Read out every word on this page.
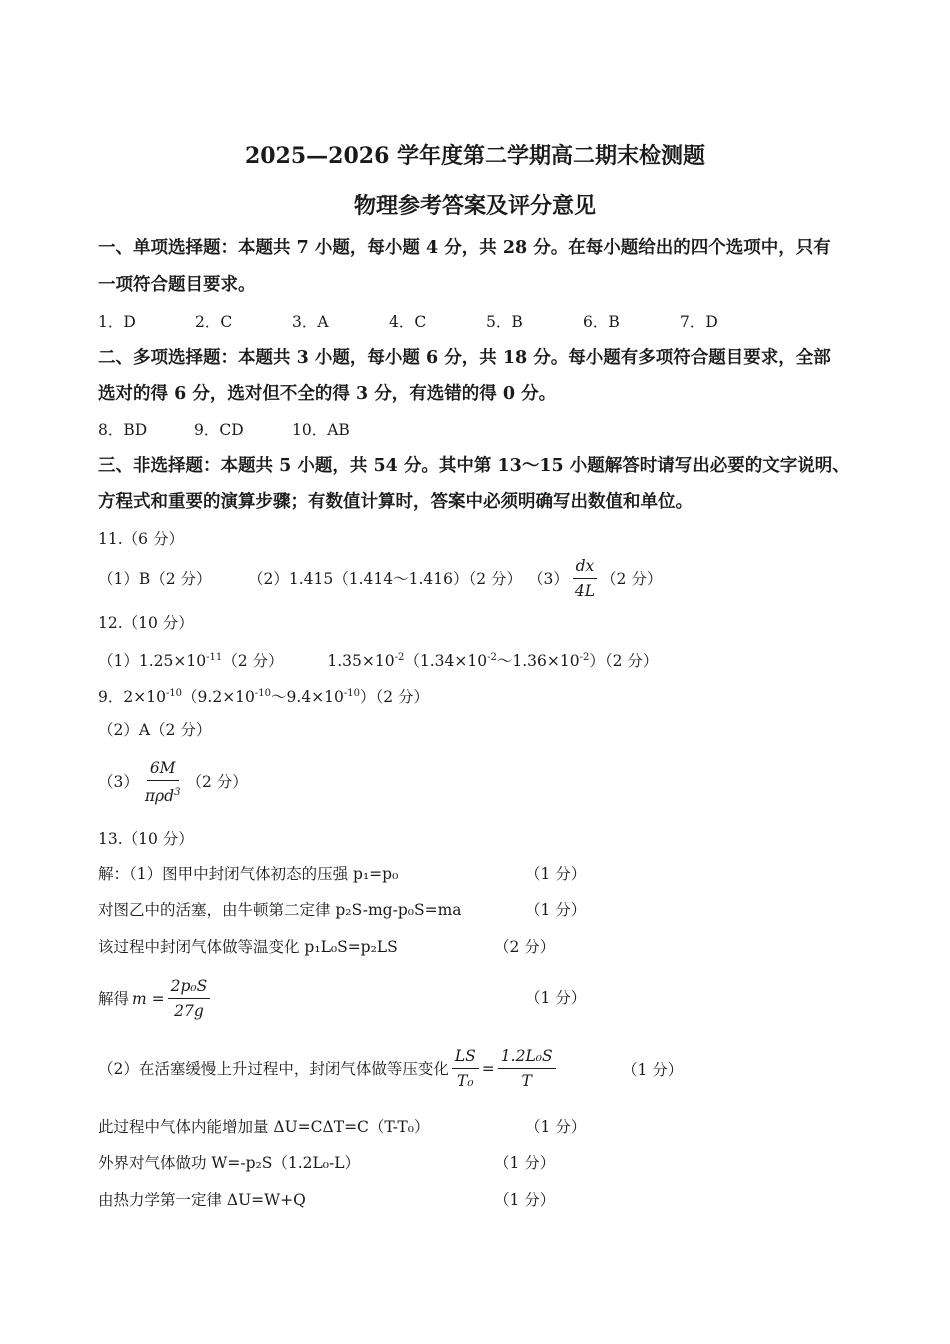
2025—2026 学年度第二学期高二期末检测题
物理参考答案及评分意见
一、单项选择题：本题共 7 小题，每小题 4 分，共 28 分。在每小题给出的四个选项中，只有
一项符合题目要求。
1．D	2．C	3．A	4．C	5．B	6．B	7．D
二、多项选择题：本题共 3 小题，每小题 6 分，共 18 分。每小题有多项符合题目要求，全部
选对的得 6 分，选对但不全的得 3 分，有选错的得 0 分。
8．BD	9．CD	10．AB
三、非选择题：本题共 5 小题，共 54 分。其中第 13～15 小题解答时请写出必要的文字说明、
方程式和重要的演算步骤；有数值计算时，答案中必须明确写出数值和单位。
11.（6 分）
（1）B（2 分） （2）1.415（1.414～1.416）（2 分） $(3) \frac{dx}{4L} (2$ 分）
12.（10 分）
$(1)1.25\times 10^{-11}(2$ 分）	$1.35\times 10^{-2}(1.34\times 10^{-2}\sim 1.36\times 10^{-2})(2$ 分）
9．$2\times 10^{-10}(9.2\times 10^{-10}\sim 9.4\times 10^{-10})(2$ 分）
（2）A（2 分）
$(3) \frac{6M}{\pi\rho d^3} (2$ 分）
13.（10 分）
解：（1）图甲中封闭气体初态的压强 p₁=p₀	（1 分）
对图乙中的活塞，由牛顿第二定律 p₂S-mg-p₀S=ma	（1 分）
该过程中封闭气体做等温变化 p₁L₀S=p₂LS	（2 分）
解得 $m = \frac{\text{2p₀S}}{27g}$	（1 分）
（2）在活塞缓慢上升过程中，封闭气体做等压变化 $\frac{LS}{\text{T₀}} = \frac{\text{1.2L₀S}}{T}$	（1 分）
此过程中气体内能增加量 ΔU=CΔT=C（T-T₀）	（1 分）
外界对气体做功 W=-p₂S（1.2L₀-L）	（1 分）
由热力学第一定律 ΔU=W+Q	（1 分）
